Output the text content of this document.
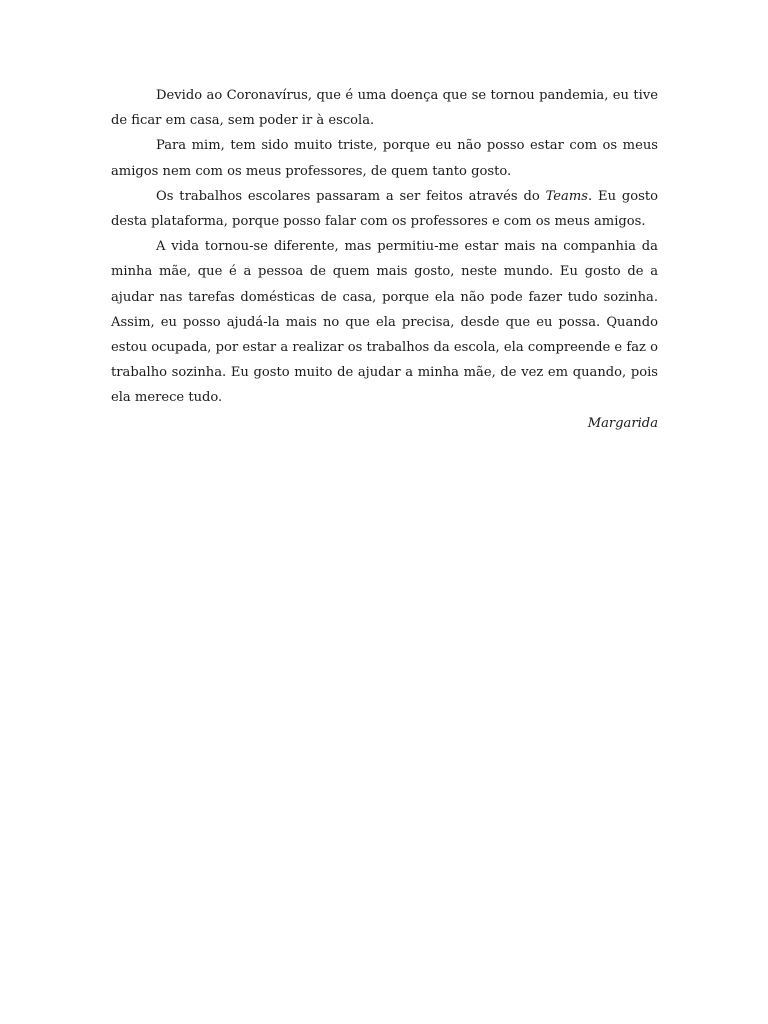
Devido ao Coronavírus, que é uma doença que se tornou pandemia, eu tive de ficar em casa, sem poder ir à escola.

Para mim, tem sido muito triste, porque eu não posso estar com os meus amigos nem com os meus professores, de quem tanto gosto.

Os trabalhos escolares passaram a ser feitos através do Teams. Eu gosto desta plataforma, porque posso falar com os professores e com os meus amigos.

A vida tornou-se diferente, mas permitiu-me estar mais na companhia da minha mãe, que é a pessoa de quem mais gosto, neste mundo. Eu gosto de a ajudar nas tarefas domésticas de casa, porque ela não pode fazer tudo sozinha. Assim, eu posso ajudá-la mais no que ela precisa, desde que eu possa. Quando estou ocupada, por estar a realizar os trabalhos da escola, ela compreende e faz o trabalho sozinha. Eu gosto muito de ajudar a minha mãe, de vez em quando, pois ela merece tudo.

Margarida
